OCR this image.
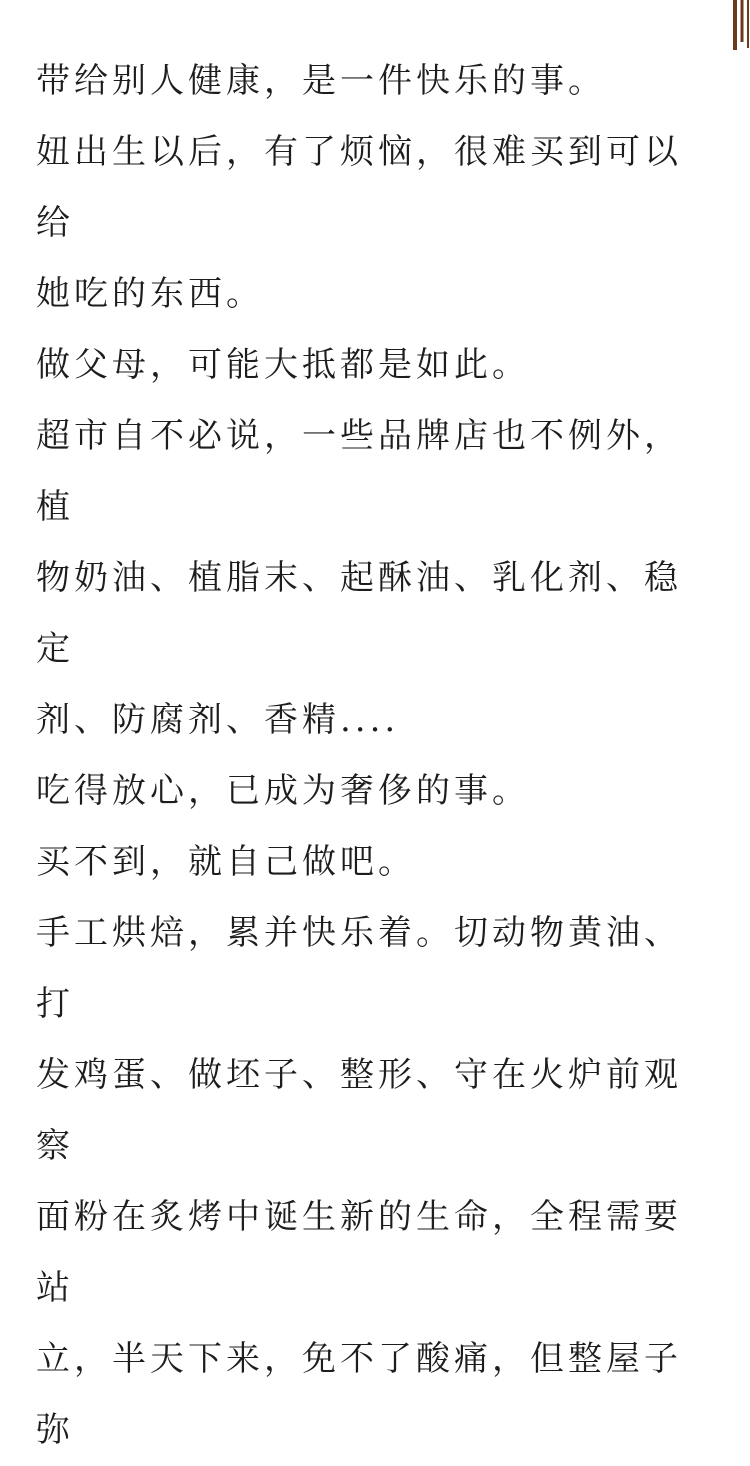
带给别人健康，是一件快乐的事。

妞出生以后，有了烦恼，很难买到可以给
她吃的东西。

做父母，可能大抵都是如此。

超市自不必说，一些品牌店也不例外，植
物奶油、植脂末、起酥油、乳化剂、稳定
剂、防腐剂、香精....

吃得放心，已成为奢侈的事。

买不到，就自己做吧。

手工烘焙，累并快乐着。切动物黄油、打
发鸡蛋、做坯子、整形、守在火炉前观察
面粉在炙烤中诞生新的生命，全程需要站
立，半天下来，免不了酸痛，但整屋子弥
